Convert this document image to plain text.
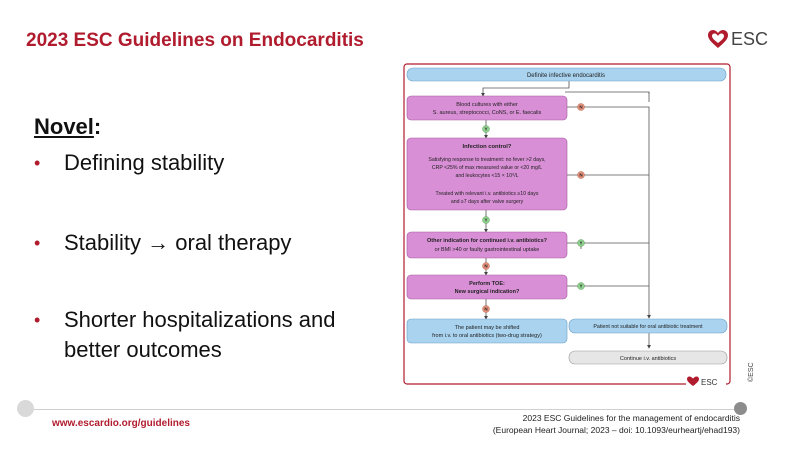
2023 ESC Guidelines on Endocarditis	ESC
Novel:
• Defining stability
• Stability → oral therapy
• Shorter hospitalizations and better outcomes
Definite infective endocarditis
Blood cultures with either
S. aureus, streptococci, CoNS, or E. faecalis
Infection control?
Satisfying response to treatment: no fever >2 days,
CRP <25% of max measured value or <20 mg/L
and leukocytes <15 × 10⁹/L
Treated with relevant i.v. antibiotics ≥10 days
and ≥7 days after valve surgery
Other indication for continued i.v. antibiotics?
or BMI >40 or faulty gastrointestinal uptake
Perform TOE:
New surgical indication?
The patient may be shifted
from i.v. to oral antibiotics (two-drug strategy)
Patient not suitable for oral antibiotic treatment
Continue i.v. antibiotics
Y
N
Y
N
N
Y
N
Y
ESC
©ESC
www.escardio.org/guidelines	2023 ESC Guidelines for the management of endocarditis
(European Heart Journal; 2023 – doi: 10.1093/eurheartj/ehad193)
